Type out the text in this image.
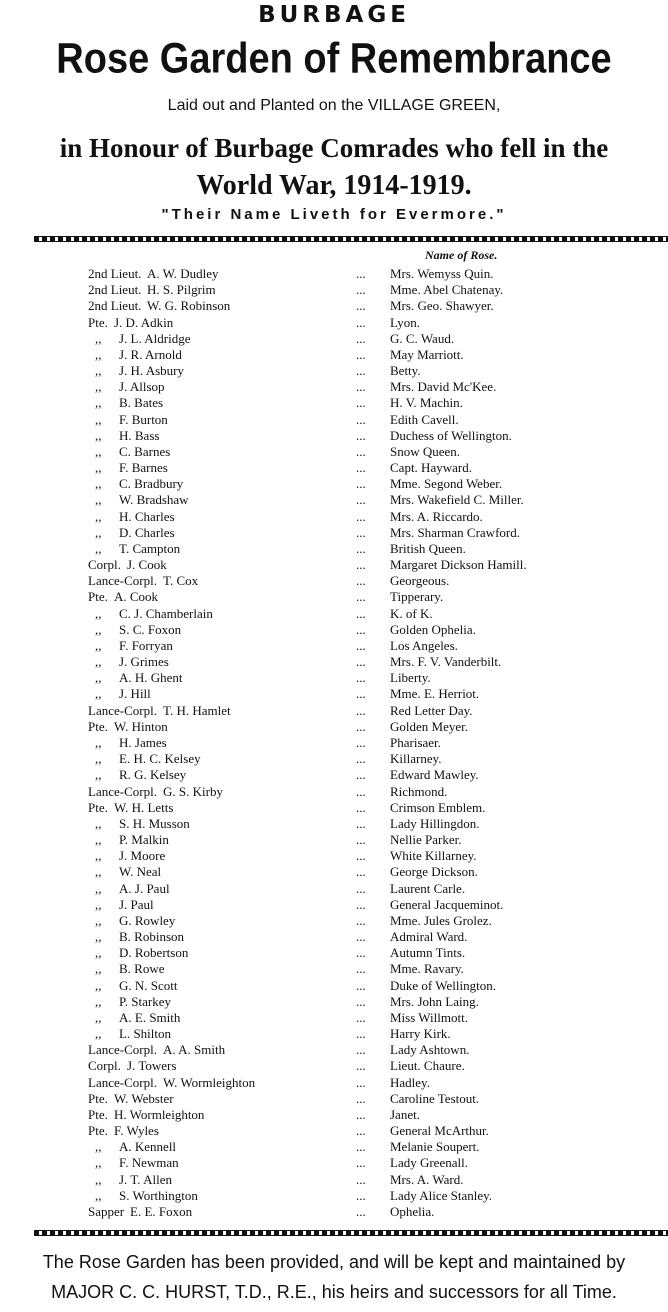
BURBAGE
Rose Garden of Remembrance
Laid out and Planted on the VILLAGE GREEN,
in Honour of Burbage Comrades who fell in the
World War, 1914-1919.
"Their Name Liveth for Evermore."
Name of Rose.
2nd Lieut. A. W. Dudley	... Mrs. Wemyss Quin.
2nd Lieut. H. S. Pilgrim	... Mme. Abel Chatenay.
2nd Lieut. W. G. Robinson	... Mrs. Geo. Shawyer.
Pte. J. D. Adkin	... Lyon.
,, J. L. Aldridge	... G. C. Waud.
,, J. R. Arnold	... May Marriott.
,, J. H. Asbury	... Betty.
,, J. Allsop	... Mrs. David Mc'Kee.
,, B. Bates	... H. V. Machin.
,, F. Burton	... Edith Cavell.
,, H. Bass	... Duchess of Wellington.
,, C. Barnes	... Snow Queen.
,, F. Barnes	... Capt. Hayward.
,, C. Bradbury	... Mme. Segond Weber.
,, W. Bradshaw	... Mrs. Wakefield C. Miller.
,, H. Charles	... Mrs. A. Riccardo.
,, D. Charles	... Mrs. Sharman Crawford.
,, T. Campton	... British Queen.
Corpl. J. Cook	... Margaret Dickson Hamill.
Lance-Corpl. T. Cox	... Georgeous.
Pte. A. Cook	... Tipperary.
,, C. J. Chamberlain	... K. of K.
,, S. C. Foxon	... Golden Ophelia.
,, F. Forryan	... Los Angeles.
,, J. Grimes	... Mrs. F. V. Vanderbilt.
,, A. H. Ghent	... Liberty.
,, J. Hill	... Mme. E. Herriot.
Lance-Corpl. T. H. Hamlet	... Red Letter Day.
Pte. W. Hinton	... Golden Meyer.
,, H. James	... Pharisaer.
,, E. H. C. Kelsey	... Killarney.
,, R. G. Kelsey	... Edward Mawley.
Lance-Corpl. G. S. Kirby	... Richmond.
Pte. W. H. Letts	... Crimson Emblem.
,, S. H. Musson	... Lady Hillingdon.
,, P. Malkin	... Nellie Parker.
,, J. Moore	... White Killarney.
,, W. Neal	... George Dickson.
,, A. J. Paul	... Laurent Carle.
,, J. Paul	... General Jacqueminot.
,, G. Rowley	... Mme. Jules Grolez.
,, B. Robinson	... Admiral Ward.
,, D. Robertson	... Autumn Tints.
,, B. Rowe	... Mme. Ravary.
,, G. N. Scott	... Duke of Wellington.
,, P. Starkey	... Mrs. John Laing.
,, A. E. Smith	... Miss Willmott.
,, L. Shilton	... Harry Kirk.
Lance-Corpl. A. A. Smith	... Lady Ashtown.
Corpl. J. Towers	... Lieut. Chaure.
Lance-Corpl. W. Wormleighton	... Hadley.
Pte. W. Webster	... Caroline Testout.
Pte. H. Wormleighton	... Janet.
Pte. F. Wyles	... General McArthur.
,, A. Kennell	... Melanie Soupert.
,, F. Newman	... Lady Greenall.
,, J. T. Allen	... Mrs. A. Ward.
,, S. Worthington	... Lady Alice Stanley.
Sapper E. E. Foxon	... Ophelia.
The Rose Garden has been provided, and will be kept and maintained by
MAJOR C. C. HURST, T.D., R.E., his heirs and successors for all Time.
